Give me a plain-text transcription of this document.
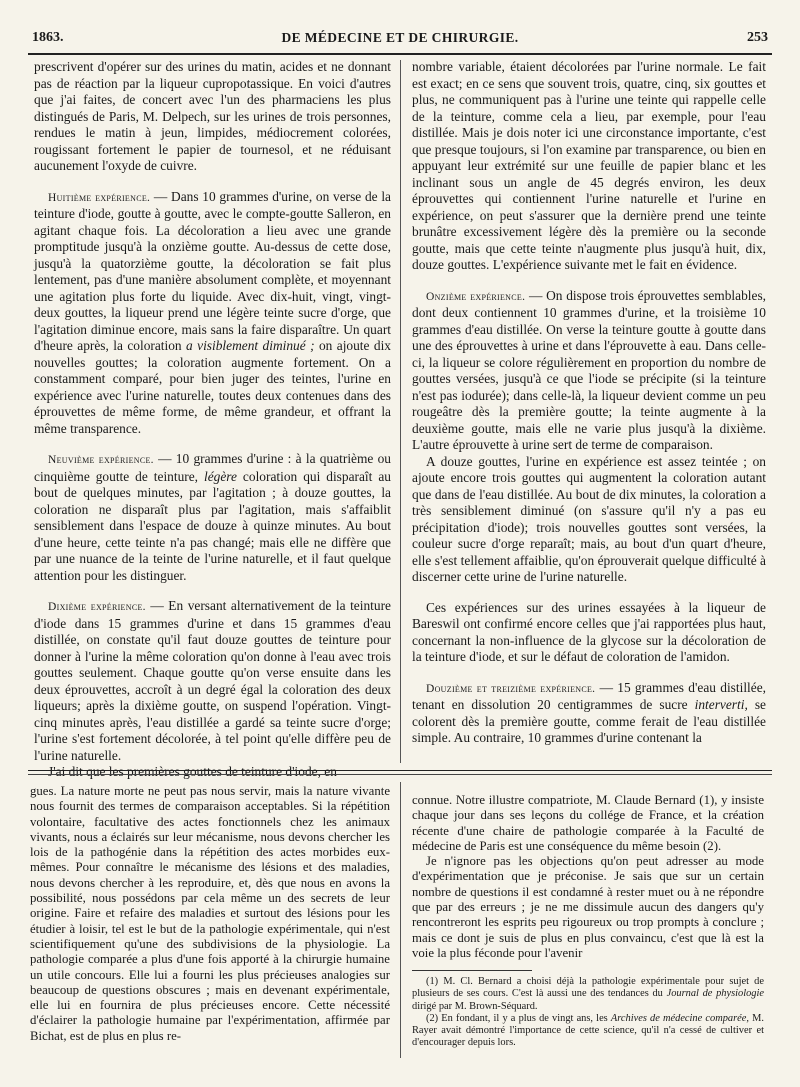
1863.	DE MÉDECINE ET DE CHIRURGIE.	253

prescrivent d'opérer sur des urines du matin, acides et ne donnant pas de réaction par la liqueur cupropotassique. En voici d'autres que j'ai faites, de concert avec l'un des pharmaciens les plus distingués de Paris, M. Delpech, sur les urines de trois personnes, rendues le matin à jeun, limpides, médiocrement colorées, rougissant fortement le papier de tournesol, et ne réduisant aucunement l'oxyde de cuivre.

Huitième expérience. — Dans 10 grammes d'urine, on verse de la teinture d'iode, goutte à goutte, avec le compte-goutte Salleron, en agitant chaque fois. La décoloration a lieu avec une grande promptitude jusqu'à la onzième goutte. Au-dessus de cette dose, jusqu'à la quatorzième goutte, la décoloration se fait plus lentement, pas d'une manière absolument complète, et moyennant une agitation plus forte du liquide. Avec dix-huit, vingt, vingt-deux gouttes, la liqueur prend une légère teinte sucre d'orge, que l'agitation diminue encore, mais sans la faire disparaître. Un quart d'heure après, la coloration a visiblement diminué ; on ajoute dix nouvelles gouttes; la coloration augmente fortement. On a constamment comparé, pour bien juger des teintes, l'urine en expérience avec l'urine naturelle, toutes deux contenues dans des éprouvettes de même forme, de même grandeur, et offrant la même transparence.

Neuvième expérience. — 10 grammes d'urine : à la quatrième ou cinquième goutte de teinture, légère coloration qui disparaît au bout de quelques minutes, par l'agitation ; à douze gouttes, la coloration ne disparaît plus par l'agitation, mais s'affaiblit sensiblement dans l'espace de douze à quinze minutes. Au bout d'une heure, cette teinte n'a pas changé; mais elle ne diffère que par une nuance de la teinte de l'urine naturelle, et il faut quelque attention pour les distinguer.

Dixième expérience. — En versant alternativement de la teinture d'iode dans 15 grammes d'urine et dans 15 grammes d'eau distillée, on constate qu'il faut douze gouttes de teinture pour donner à l'urine la même coloration qu'on donne à l'eau avec trois gouttes seulement. Chaque goutte qu'on verse ensuite dans les deux éprouvettes, accroît à un degré égal la coloration des deux liqueurs; après la dixième goutte, on suspend l'opération. Vingt-cinq minutes après, l'eau distillée a gardé sa teinte sucre d'orge; l'urine s'est fortement décolorée, à tel point qu'elle diffère peu de l'urine naturelle.

J'ai dit que les premières gouttes de teinture d'iode, en

nombre variable, étaient décolorées par l'urine normale. Le fait est exact; en ce sens que souvent trois, quatre, cinq, six gouttes et plus, ne communiquent pas à l'urine une teinte qui rappelle celle de la teinture, comme cela a lieu, par exemple, pour l'eau distillée. Mais je dois noter ici une circonstance importante, c'est que presque toujours, si l'on examine par transparence, ou bien en appuyant leur extrémité sur une feuille de papier blanc et les inclinant sous un angle de 45 degrés environ, les deux éprouvettes qui contiennent l'urine naturelle et l'urine en expérience, on peut s'assurer que la dernière prend une teinte brunâtre excessivement légère dès la première ou la seconde goutte, mais que cette teinte n'augmente plus jusqu'à huit, dix, douze gouttes. L'expérience suivante met le fait en évidence.

Onzième expérience. — On dispose trois éprouvettes semblables, dont deux contiennent 10 grammes d'urine, et la troisième 10 grammes d'eau distillée. On verse la teinture goutte à goutte dans une des éprouvettes à urine et dans l'éprouvette à eau. Dans celle-ci, la liqueur se colore régulièrement en proportion du nombre de gouttes versées, jusqu'à ce que l'iode se précipite (si la teinture n'est pas iodurée); dans celle-là, la liqueur devient comme un peu rougeâtre dès la première goutte; la teinte augmente à la deuxième goutte, mais elle ne varie plus jusqu'à la dixième. L'autre éprouvette à urine sert de terme de comparaison.

A douze gouttes, l'urine en expérience est assez teintée ; on ajoute encore trois gouttes qui augmentent la coloration autant que dans de l'eau distillée. Au bout de dix minutes, la coloration a très sensiblement diminué (on s'assure qu'il n'y a pas eu précipitation d'iode); trois nouvelles gouttes sont versées, la couleur sucre d'orge reparaît; mais, au bout d'un quart d'heure, elle s'est tellement affaiblie, qu'on éprouverait quelque difficulté à discerner cette urine de l'urine naturelle.

Ces expériences sur des urines essayées à la liqueur de Bareswil ont confirmé encore celles que j'ai rapportées plus haut, concernant la non-influence de la glycose sur la décoloration de la teinture d'iode, et sur le défaut de coloration de l'amidon.

Douzième et treizième expérience. — 15 grammes d'eau distillée, tenant en dissolution 20 centigrammes de sucre interverti, se colorent dès la première goutte, comme ferait de l'eau distillée simple. Au contraire, 10 grammes d'urine contenant la

gues. La nature morte ne peut pas nous servir, mais la nature vivante nous fournit des termes de comparaison acceptables. Si la répétition volontaire, facultative des actes fonctionnels chez les animaux vivants, nous a éclairés sur leur mécanisme, nous devons chercher les lois de la pathogénie dans la répétition des actes morbides eux-mêmes. Pour connaître le mécanisme des lésions et des maladies, nous devons chercher à les reproduire, et, dès que nous en avons la possibilité, nous possédons par cela même un des secrets de leur origine. Faire et refaire des maladies et surtout des lésions pour les étudier à loisir, tel est le but de la pathologie expérimentale, qui n'est scientifiquement qu'une des subdivisions de la physiologie. La pathologie comparée a plus d'une fois apporté à la chirurgie humaine un utile concours. Elle lui a fourni les plus précieuses analogies sur beaucoup de questions obscures ; mais en devenant expérimentale, elle lui en fournira de plus précieuses encore. Cette nécessité d'éclairer la pathologie humaine par l'expérimentation, affirmée par Bichat, est de plus en plus re-

connue. Notre illustre compatriote, M. Claude Bernard (1), y insiste chaque jour dans ses leçons du collége de France, et la création récente d'une chaire de pathologie comparée à la Faculté de médecine de Paris est une conséquence du même besoin (2).

Je n'ignore pas les objections qu'on peut adresser au mode d'expérimentation que je préconise. Je sais que sur un certain nombre de questions il est condamné à rester muet ou à ne répondre que par des erreurs ; je ne me dissimule aucun des dangers qu'y rencontreront les esprits peu rigoureux ou trop prompts à conclure ; mais ce dont je suis de plus en plus convaincu, c'est que là est la voie la plus féconde pour l'avenir

(1) M. Cl. Bernard a choisi déjà la pathologie expérimentale pour sujet de plusieurs de ses cours. C'est là aussi une des tendances du Journal de physiologie dirigé par M. Brown-Séquard.

(2) En fondant, il y a plus de vingt ans, les Archives de médecine comparée, M. Rayer avait démontré l'importance de cette science, qu'il n'a cessé de cultiver et d'encourager depuis lors.
